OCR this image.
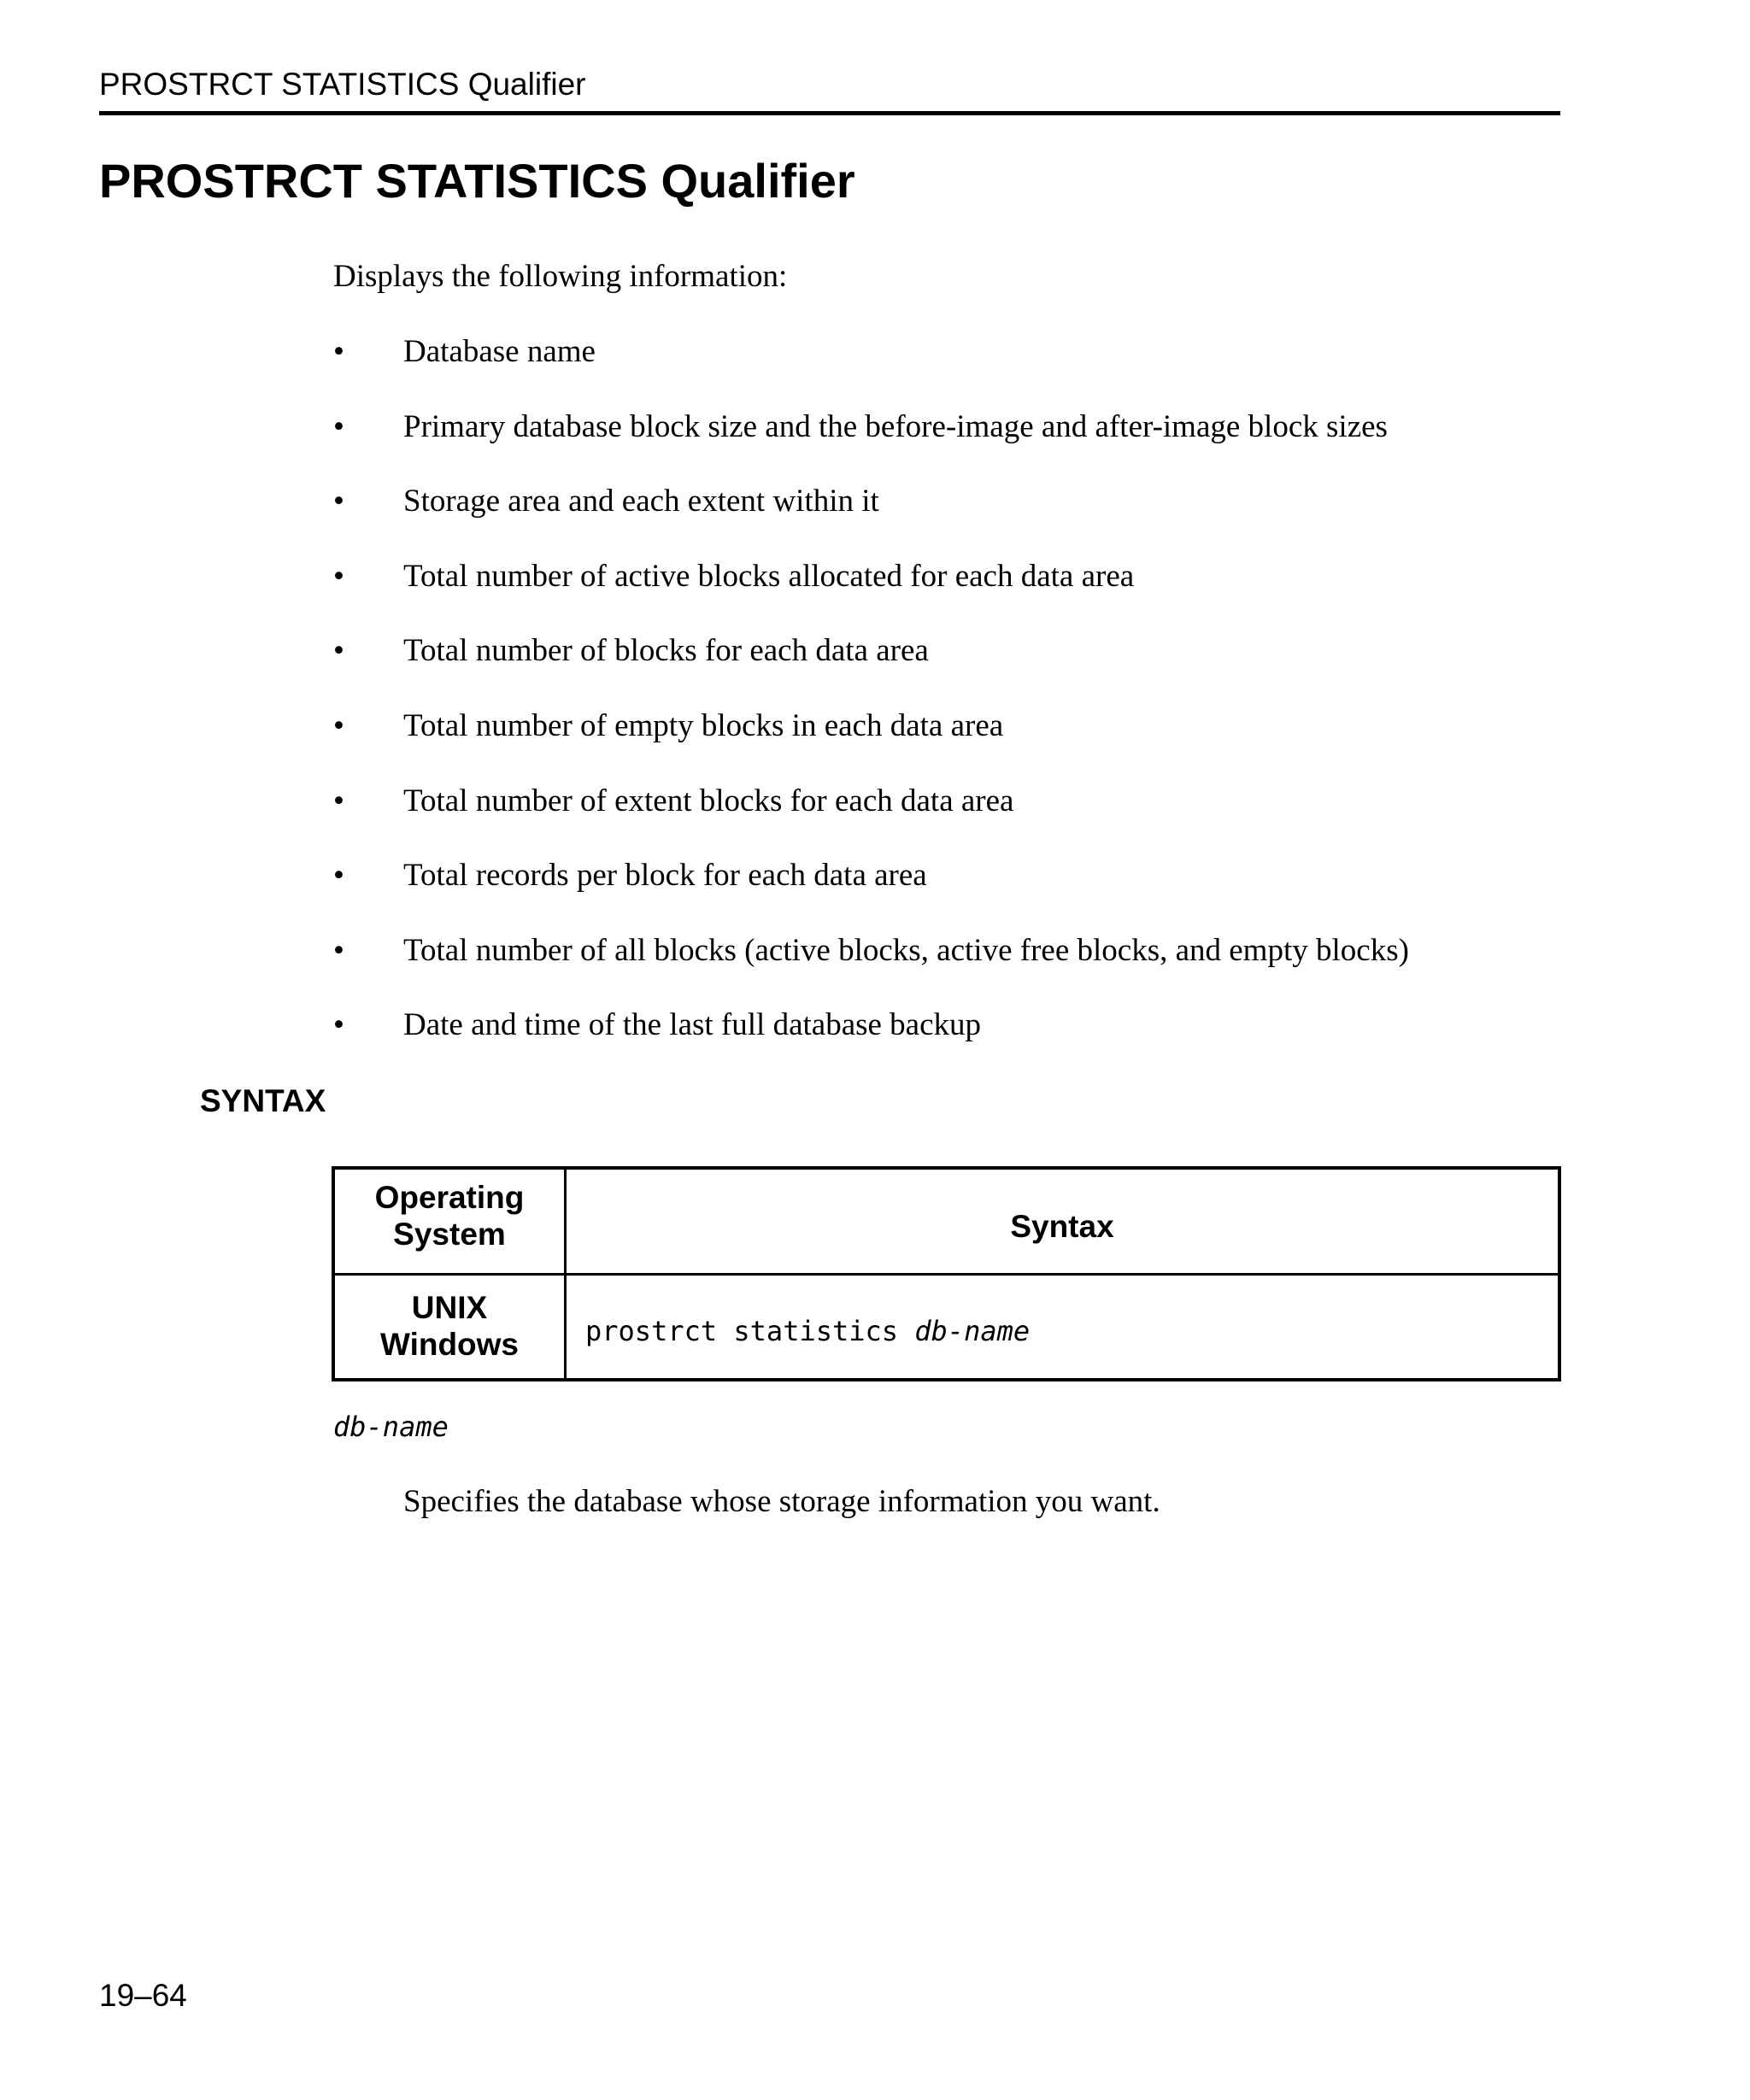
PROSTRCT STATISTICS Qualifier
PROSTRCT STATISTICS Qualifier

Displays the following information:

• Database name
• Primary database block size and the before-image and after-image block sizes
• Storage area and each extent within it
• Total number of active blocks allocated for each data area
• Total number of blocks for each data area
• Total number of empty blocks in each data area
• Total number of extent blocks for each data area
• Total records per block for each data area
• Total number of all blocks (active blocks, active free blocks, and empty blocks)
• Date and time of the last full database backup
SYNTAX
Operating
System	Syntax

UNIX
Windows	prostrct statistics db-name

db-name

Specifies the database whose storage information you want.

19–64
